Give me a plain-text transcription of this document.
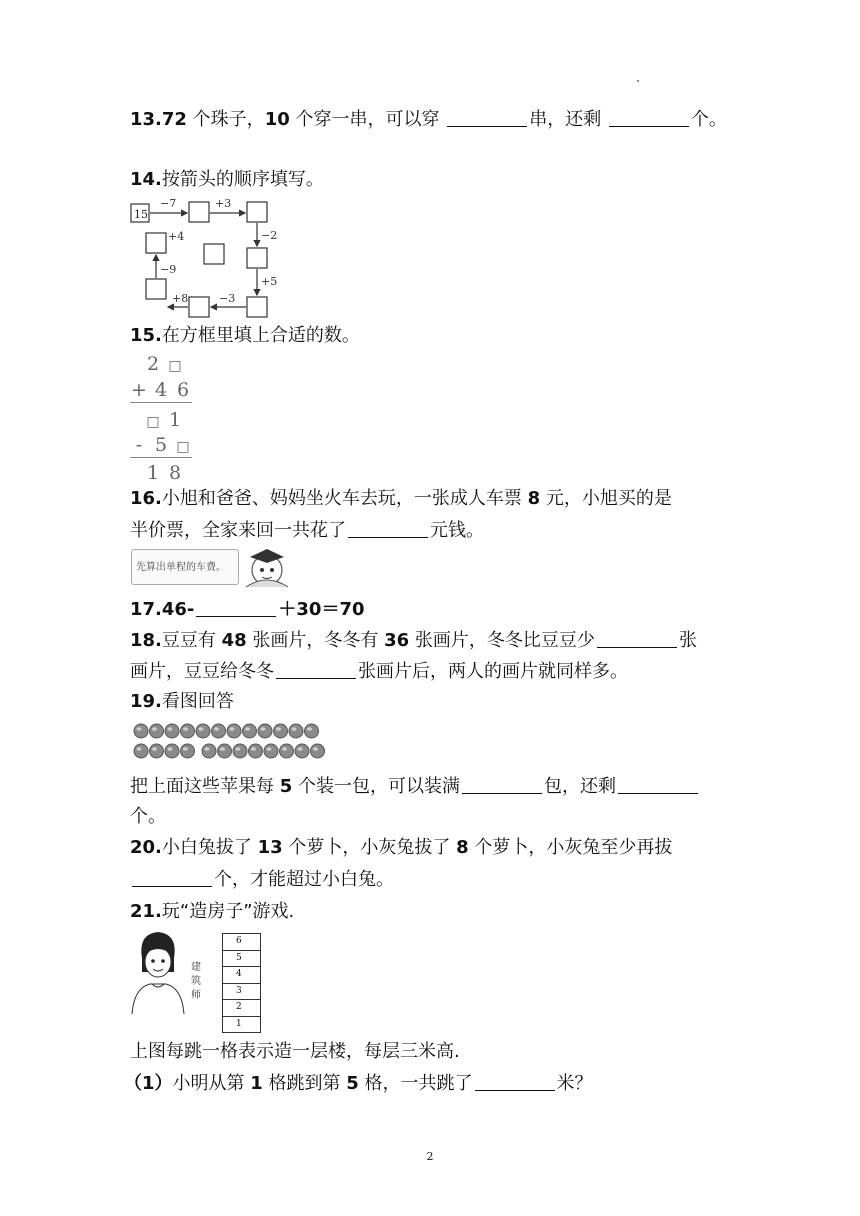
13.72 个珠子，10 个穿一串，可以穿	串，还剩	个。
14.按箭头的顺序填写。
15
−7	+3
−2
+5
−3
+8
−9
+4
15.在方框里填上合适的数。
2 □
+ 4 6
□ 1
- 5 □
1 8
16.小旭和爸爸、妈妈坐火车去玩，一张成人车票 8 元，小旭买的是
半价票，全家来回一共花了	元钱。
先算出单程的车费。
17.46-	＋30＝70
18.豆豆有 48 张画片，冬冬有 36 张画片，冬冬比豆豆少	张
画片，豆豆给冬冬	张画片后，两人的画片就同样多。
19.看图回答
把上面这些苹果每 5 个装一包，可以装满	包，还剩
个。
20.小白兔拔了 13 个萝卜，小灰兔拔了 8 个萝卜，小灰兔至少再拔
个，才能超过小白兔。
21.玩“造房子”游戏.
建
筑
师
6
5
4
3
2
1
上图每跳一格表示造一层楼，每层三米高.
（1）小明从第 1 格跳到第 5 格，一共跳了	米？
2
